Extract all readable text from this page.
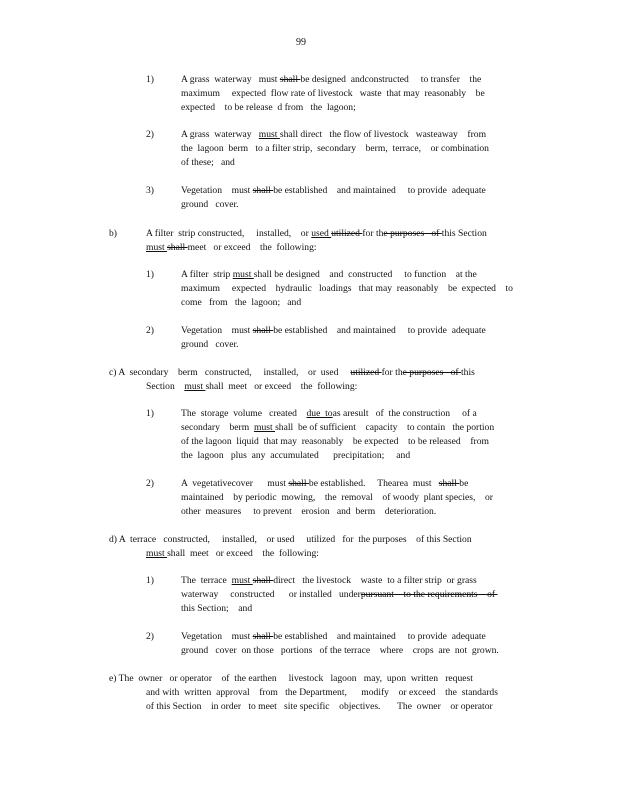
99
1)	A grass  waterway   must shall be designed  andconstructed     to transfer    the
maximum     expected  flow rate of livestock   waste  that may  reasonably    be
expected    to be release  d from   the  lagoon;
2)	A grass  waterway   must shall direct   the flow of livestock   wasteaway    from
the  lagoon  berm   to a filter strip,  secondary    berm,  terrace,    or combination
of these;   and
3)	Vegetation    must shall be established    and maintained     to provide  adequate
ground   cover.
b)	A filter  strip constructed,     installed,    or used utilized for the purposes   of this Section
must shall meet   or exceed    the  following:
1)	A filter  strip must shall be designed    and  constructed     to function    at the
maximum     expected    hydraulic   loadings   that may  reasonably    be  expected    to
come   from   the  lagoon;   and
2)	Vegetation    must shall be established    and maintained     to provide  adequate
ground   cover.
c) A  secondary    berm   constructed,     installed,    or  used     utilized for the purposes   of this
Section    must shall  meet   or exceed    the  following:
1)	The  storage  volume   created    due  toas aresult   of  the construction     of a
secondary    berm  must shall  be of sufficient    capacity    to contain   the portion
of the lagoon  liquid  that may  reasonably    be expected    to be released    from
the  lagoon   plus  any  accumulated      precipitation;     and
2)	A  vegetativecover      must shall be established.     Thearea  must   shall be
maintained    by periodic  mowing,    the  removal    of woody  plant species,    or
other  measures     to prevent    erosion   and  berm    deterioration.
d) A  terrace   constructed,     installed,    or used     utilized   for  the purposes    of this Section
must shall  meet   or exceed    the  following:
1)	The  terrace  must shall direct   the livestock    waste  to a filter strip  or grass
waterway     constructed      or installed   underpursuant    to the requirements    of
this Section;    and
2)	Vegetation    must shall be established    and maintained     to provide  adequate
ground   cover  on those   portions   of the terrace    where    crops  are  not  grown.
e) The  owner   or operator    of  the earthen     livestock   lagoon   may,  upon  written   request
and with  written  approval    from   the Department,      modify    or exceed    the  standards
of this Section    in order   to meet   site specific    objectives.       The  owner    or operator
